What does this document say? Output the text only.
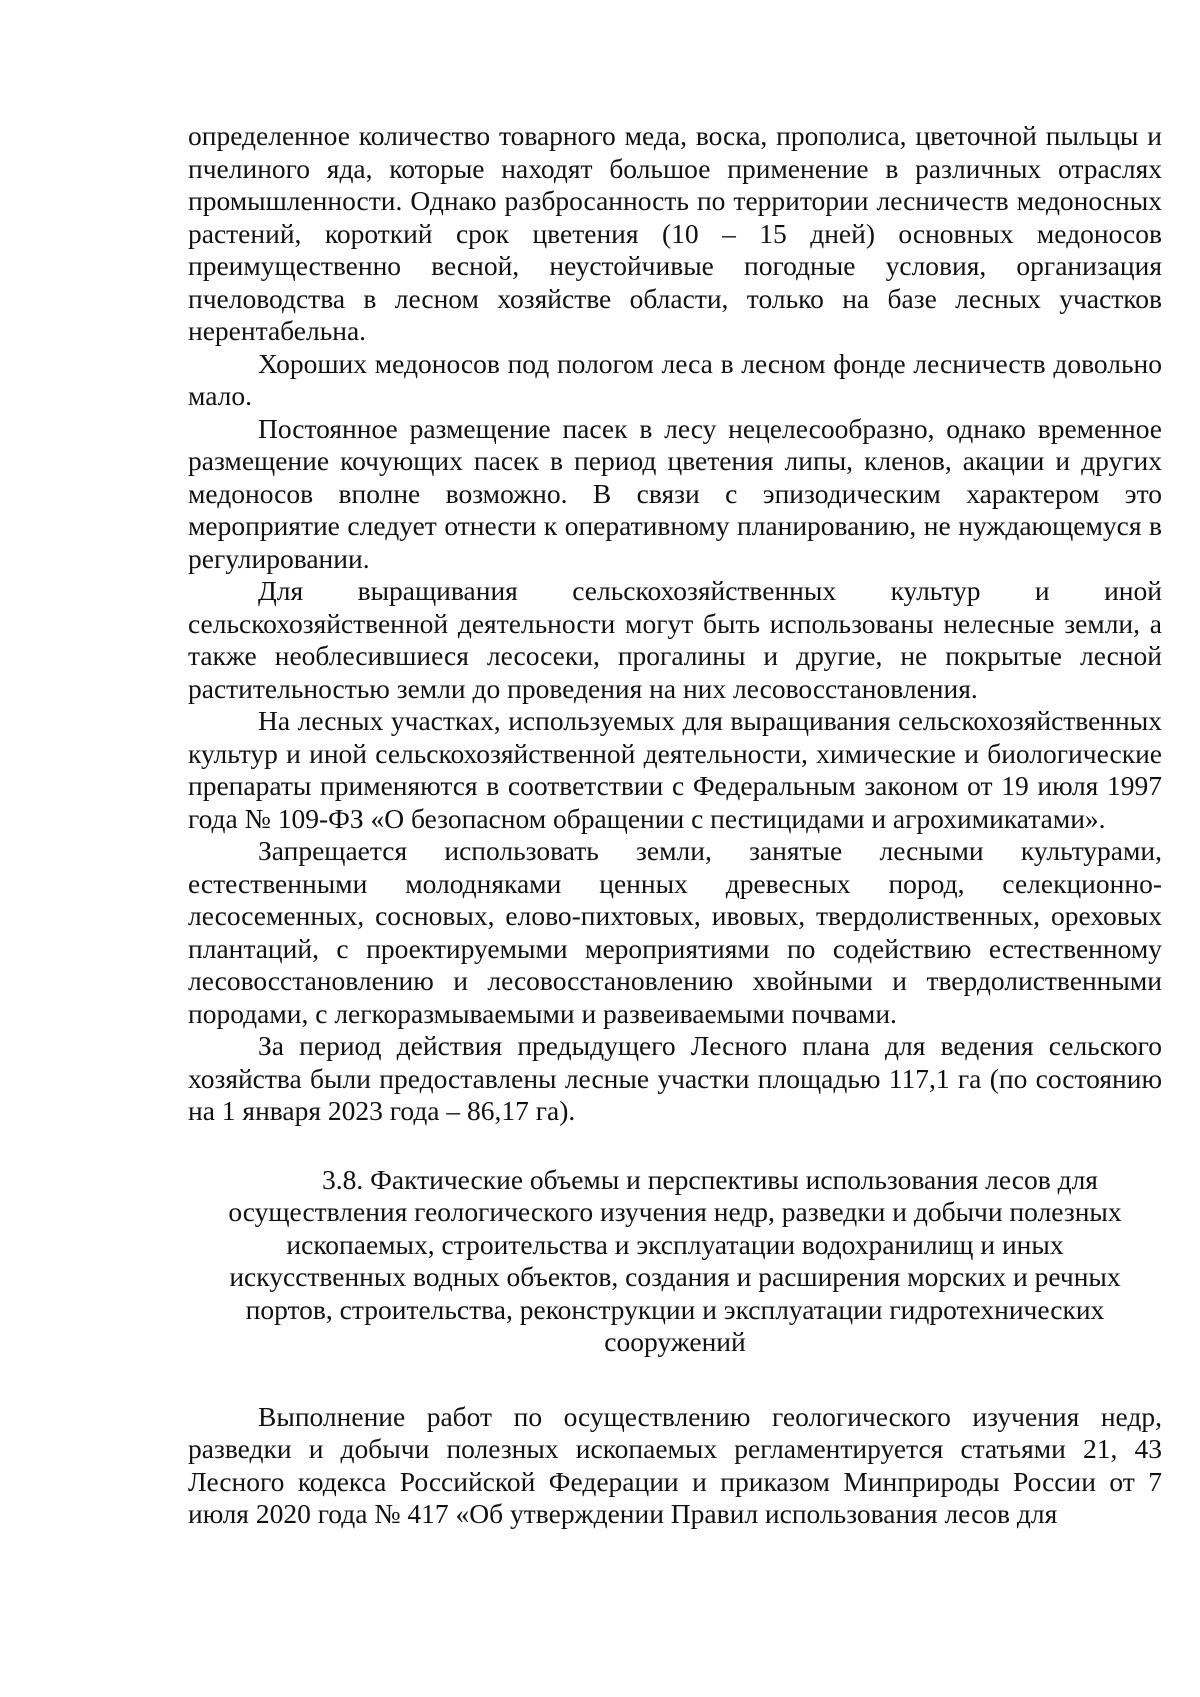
определенное количество товарного меда, воска, прополиса, цветочной пыльцы и пчелиного яда, которые находят большое применение в различных отраслях промышленности. Однако разбросанность по территории лесничеств медоносных растений, короткий срок цветения (10 – 15 дней) основных медоносов преимущественно весной, неустойчивые погодные условия, организация пчеловодства в лесном хозяйстве области, только на базе лесных участков нерентабельна.

Хороших медоносов под пологом леса в лесном фонде лесничеств довольно мало.

Постоянное размещение пасек в лесу нецелесообразно, однако временное размещение кочующих пасек в период цветения липы, кленов, акации и других медоносов вполне возможно. В связи с эпизодическим характером это мероприятие следует отнести к оперативному планированию, не нуждающемуся в регулировании.

Для выращивания сельскохозяйственных культур и иной сельскохозяйственной деятельности могут быть использованы нелесные земли, а также необлесившиеся лесосеки, прогалины и другие, не покрытые лесной растительностью земли до проведения на них лесовосстановления.

На лесных участках, используемых для выращивания сельскохозяйственных культур и иной сельскохозяйственной деятельности, химические и биологические препараты применяются в соответствии с Федеральным законом от 19 июля 1997 года № 109-ФЗ «О безопасном обращении с пестицидами и агрохимикатами».

Запрещается использовать земли, занятые лесными культурами, естественными молодняками ценных древесных пород, селекционно-лесосеменных, сосновых, елово-пихтовых, ивовых, твердолиственных, ореховых плантаций, с проектируемыми мероприятиями по содействию естественному лесовосстановлению и лесовосстановлению хвойными и твердолиственными породами, с легкоразмываемыми и развеиваемыми почвами.

За период действия предыдущего Лесного плана для ведения сельского хозяйства были предоставлены лесные участки площадью 117,1 га (по состоянию на 1 января 2023 года – 86,17 га).

3.8. Фактические объемы и перспективы использования лесов для
осуществления геологического изучения недр, разведки и добычи полезных
ископаемых, строительства и эксплуатации водохранилищ и иных
искусственных водных объектов, создания и расширения морских и речных
портов, строительства, реконструкции и эксплуатации гидротехнических
сооружений

Выполнение работ по осуществлению геологического изучения недр, разведки и добычи полезных ископаемых регламентируется статьями 21, 43 Лесного кодекса Российской Федерации и приказом Минприроды России от 7 июля 2020 года № 417 «Об утверждении Правил использования лесов для
